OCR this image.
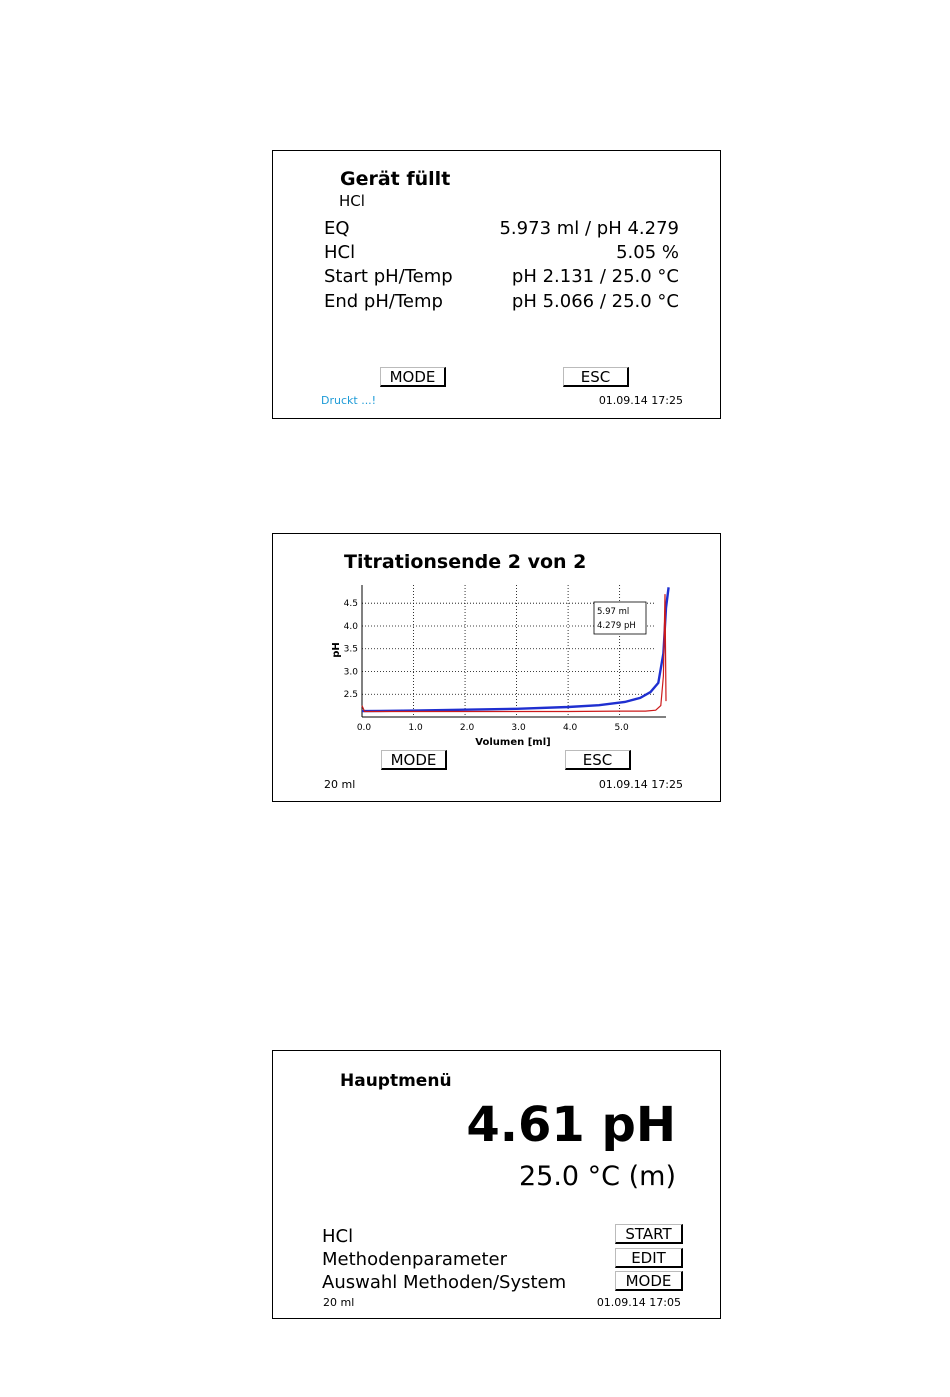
Gerät füllt
HCl
EQ	5.973 ml / pH 4.279
HCl	5.05 %
Start pH/Temp	pH 2.131 / 25.0 °C
End pH/Temp	pH 5.066 / 25.0 °C
MODE	ESC
Druckt ...!	01.09.14 17:25
Titrationsende 2 von 2
Volumen [ml]
pH
0.0	1.0	2.0	3.0	4.0	5.0
2.5
3.0
3.5
4.0
4.5
5.97 ml
4.279 pH
MODE	ESC
20 ml	01.09.14 17:25
Hauptmenü
4.61 pH
25.0 °C (m)
HCl	START
Methodenparameter	EDIT
Auswahl Methoden/System	MODE
20 ml	01.09.14 17:05
